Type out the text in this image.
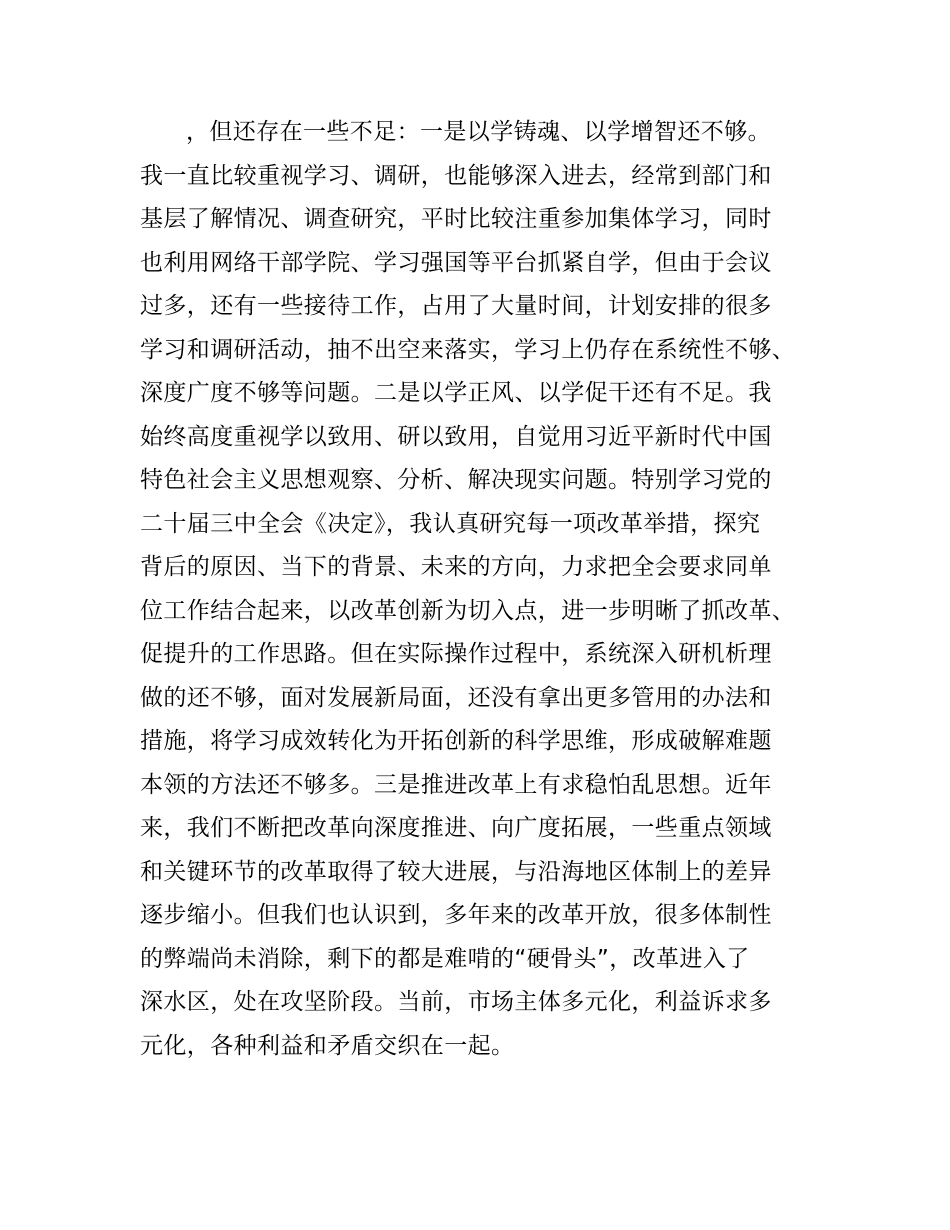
，但还存在一些不足：一是以学铸魂、以学增智还不够。
我一直比较重视学习、调研，也能够深入进去，经常到部门和
基层了解情况、调查研究，平时比较注重参加集体学习，同时
也利用网络干部学院、学习强国等平台抓紧自学，但由于会议
过多，还有一些接待工作，占用了大量时间，计划安排的很多
学习和调研活动，抽不出空来落实，学习上仍存在系统性不够、
深度广度不够等问题。二是以学正风、以学促干还有不足。我
始终高度重视学以致用、研以致用，自觉用习近平新时代中国
特色社会主义思想观察、分析、解决现实问题。特别学习党的
二十届三中全会《决定》，我认真研究每一项改革举措，探究
背后的原因、当下的背景、未来的方向，力求把全会要求同单
位工作结合起来，以改革创新为切入点，进一步明晰了抓改革、
促提升的工作思路。但在实际操作过程中，系统深入研机析理
做的还不够，面对发展新局面，还没有拿出更多管用的办法和
措施，将学习成效转化为开拓创新的科学思维，形成破解难题
本领的方法还不够多。三是推进改革上有求稳怕乱思想。近年
来，我们不断把改革向深度推进、向广度拓展，一些重点领域
和关键环节的改革取得了较大进展，与沿海地区体制上的差异
逐步缩小。但我们也认识到，多年来的改革开放，很多体制性
的弊端尚未消除，剩下的都是难啃的“硬骨头”，改革进入了
深水区，处在攻坚阶段。当前，市场主体多元化，利益诉求多
元化，各种利益和矛盾交织在一起。
